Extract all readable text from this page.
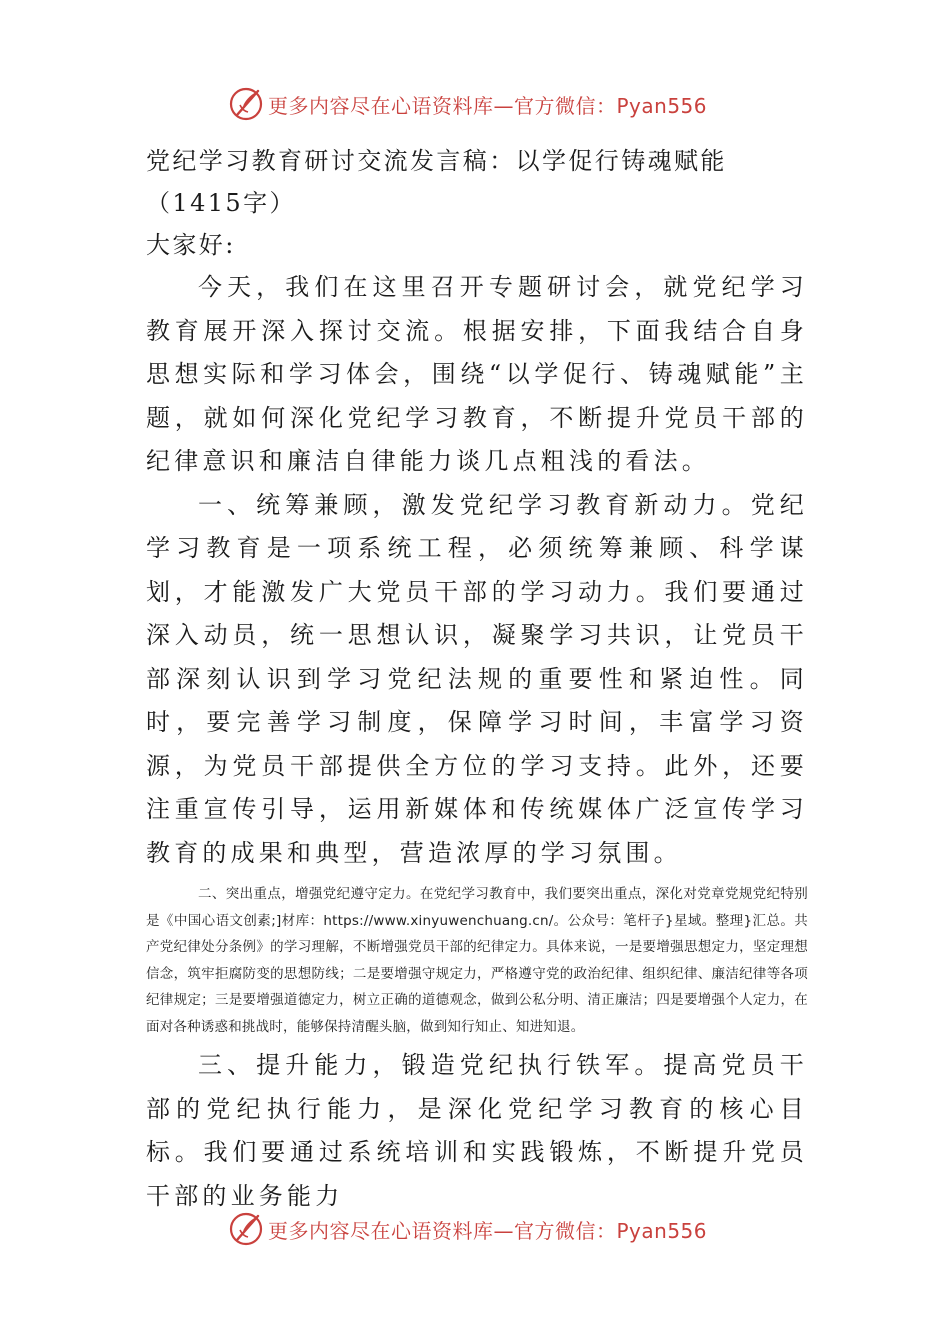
更多内容尽在心语资料库—官方微信：Pyan556

党纪学习教育研讨交流发言稿：以学促行铸魂赋能（1415字）

大家好:

今天，我们在这里召开专题研讨会，就党纪学习教育展开深入探讨交流。根据安排，下面我结合自身思想实际和学习体会，围绕“以学促行、铸魂赋能”主题，就如何深化党纪学习教育，不断提升党员干部的纪律意识和廉洁自律能力谈几点粗浅的看法。

一、统筹兼顾，激发党纪学习教育新动力。党纪学习教育是一项系统工程，必须统筹兼顾、科学谋划，才能激发广大党员干部的学习动力。我们要通过深入动员，统一思想认识，凝聚学习共识，让党员干部深刻认识到学习党纪法规的重要性和紧迫性。同时，要完善学习制度，保障学习时间，丰富学习资源，为党员干部提供全方位的学习支持。此外，还要注重宣传引导，运用新媒体和传统媒体广泛宣传学习教育的成果和典型，营造浓厚的学习氛围。

二、突出重点，增强党纪遵守定力。在党纪学习教育中，我们要突出重点，深化对党章党规党纪特别是《中国心语文创素;]材库：https://www.xinyuwenchuang.cn/。公众号：笔杆子}星域。整理}汇总。共产党纪律处分条例》的学习理解，不断增强党员干部的纪律定力。具体来说，一是要增强思想定力，坚定理想信念，筑牢拒腐防变的思想防线；二是要增强守规定力，严格遵守党的政治纪律、组织纪律、廉洁纪律等各项纪律规定；三是要增强道德定力，树立正确的道德观念，做到公私分明、清正廉洁；四是要增强个人定力，在面对各种诱惑和挑战时，能够保持清醒头脑，做到知行知止、知进知退。

三、提升能力，锻造党纪执行铁军。提高党员干部的党纪执行能力，是深化党纪学习教育的核心目标。我们要通过系统培训和实践锻炼，不断提升党员干部的业务能力

更多内容尽在心语资料库—官方微信：Pyan556
